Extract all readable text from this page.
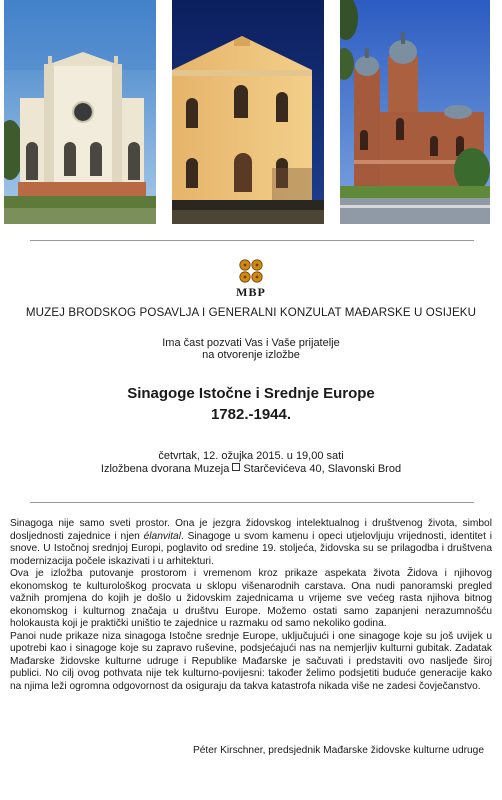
MBP
MUZEJ BRODSKOG POSAVLJA I GENERALNI KONZULAT MAĐARSKE U OSIJEKU
Ima čast pozvati Vas i Vaše prijatelje
na otvorenje izložbe
Sinagoge Istočne i Srednje Europe
1782.-1944.
četvrtak, 12. ožujka 2015. u 19,00 sati
Izložbena dvorana Muzeja Starčevićeva 40, Slavonski Brod

Sinagoga nije samo sveti prostor. Ona je jezgra židovskog intelektualnog i društvenog života, simbol dosljednosti zajednice i njen élanvital. Sinagoge u svom kamenu i opeci utjelovljuju vrijednosti, identitet i snove. U Istočnoj srednjoj Europi, poglavito od sredine 19. stoljeća, židovska su se prilagodba i društvena modernizacija počele iskazivati i u arhitekturi.

Ova je izložba putovanje prostorom i vremenom kroz prikaze aspekata života Židova i njihovog ekonomskog te kulturološkog procvata u sklopu višenarodnih carstava. Ona nudi panoramski pregled važnih promjena do kojih je došlo u židovskim zajednicama u vrijeme sve većeg rasta njihova bitnog ekonomskog i kulturnog značaja u društvu Europe. Možemo ostati samo zapanjeni nerazumnošću holokausta koji je praktički uništio te zajednice u razmaku od samo nekoliko godina.

Panoi nude prikaze niza sinagoga Istočne srednje Europe, uključujući i one sinagoge koje su još uvijek u upotrebi kao i sinagoge koje su zapravo ruševine, podsjećajući nas na nemjerljiv kulturni gubitak. Zadatak Mađarske židovske kulturne udruge i Republike Mađarske je sačuvati i predstaviti ovo nasljeđe široj publici. No cilj ovog pothvata nije tek kulturno-povijesni: također želimo podsjetiti buduće generacije kako na njima leži ogromna odgovornost da osiguraju da takva katastrofa nikada više ne zadesi čovječanstvo.

Péter Kirschner, predsjednik Mađarske židovske kulturne udruge
